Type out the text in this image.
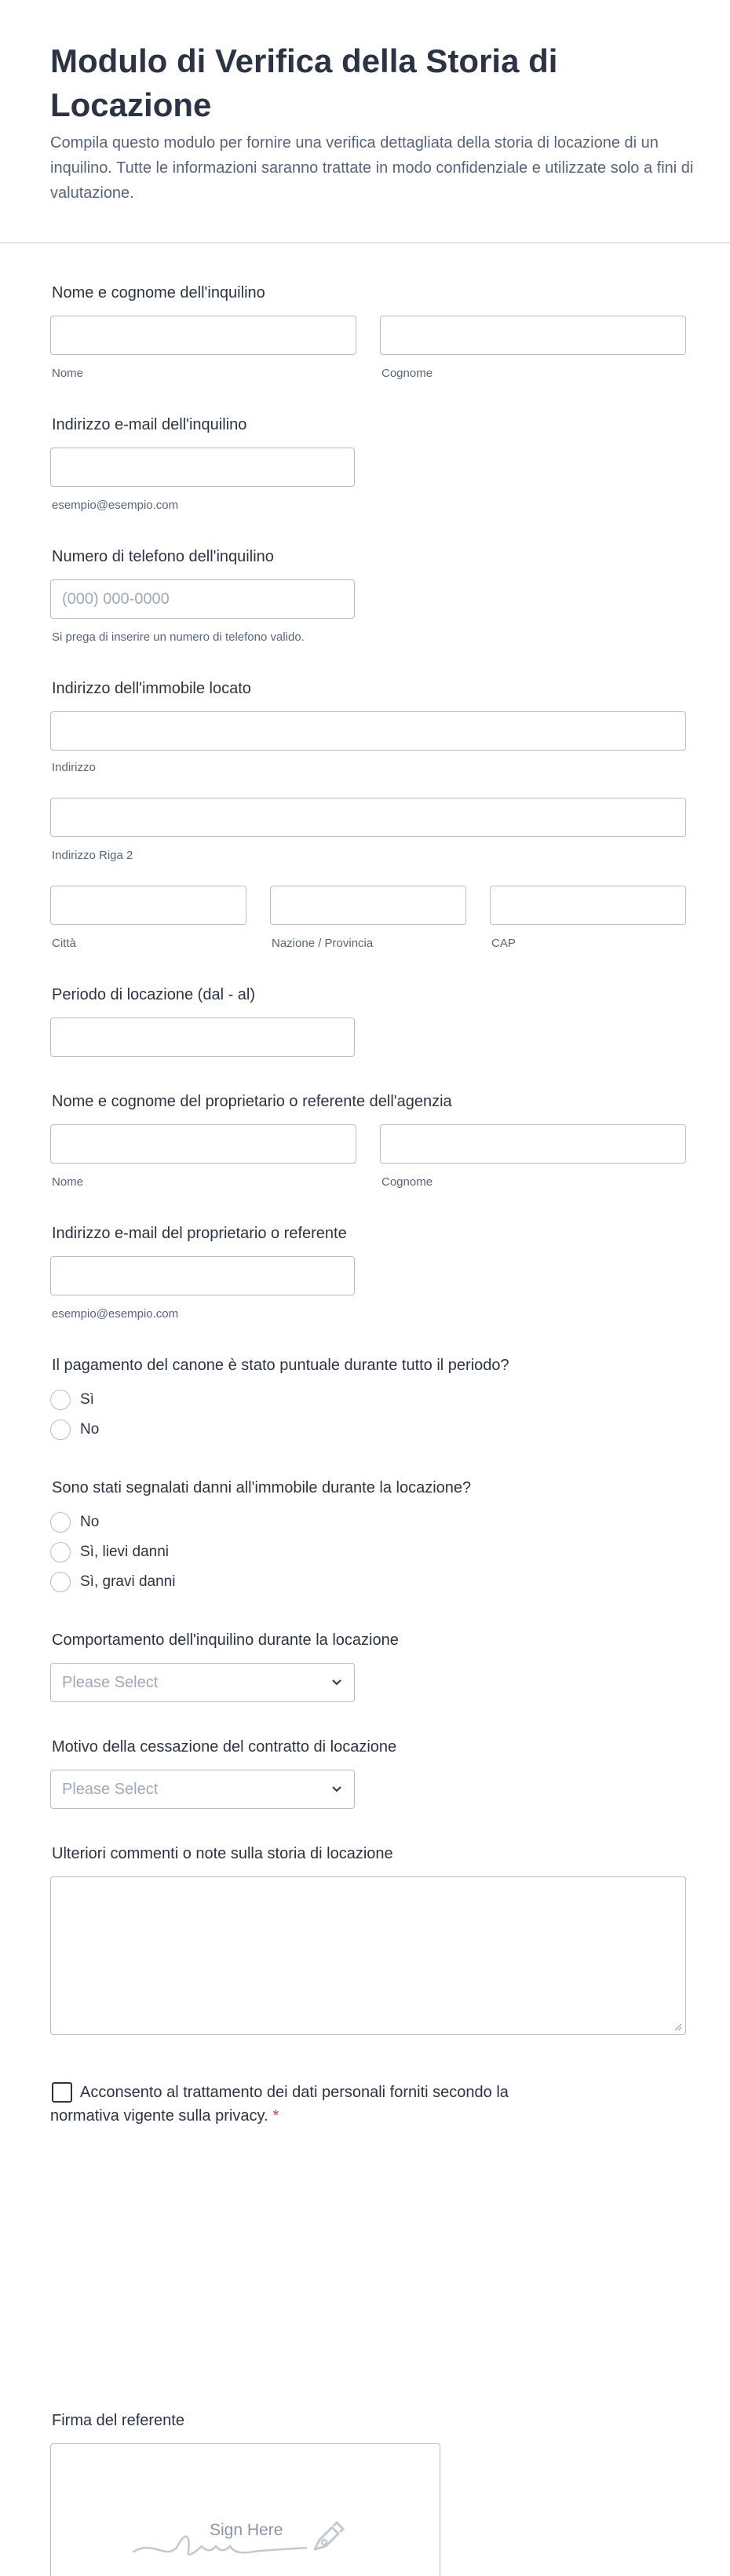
Modulo di Verifica della Storia di Locazione

Compila questo modulo per fornire una verifica dettagliata della storia di locazione di un inquilino. Tutte le informazioni saranno trattate in modo confidenziale e utilizzate solo a fini di valutazione.

Nome e cognome dell'inquilino
Nome	Cognome
Indirizzo e-mail dell'inquilino
esempio@esempio.com
Numero di telefono dell'inquilino
(000) 000-0000
Si prega di inserire un numero di telefono valido.
Indirizzo dell'immobile locato
Indirizzo
Indirizzo Riga 2
Città	Nazione / Provincia	CAP
Periodo di locazione (dal - al)
Nome e cognome del proprietario o referente dell'agenzia
Nome	Cognome
Indirizzo e-mail del proprietario o referente
esempio@esempio.com
Il pagamento del canone è stato puntuale durante tutto il periodo?
Sì
No
Sono stati segnalati danni all'immobile durante la locazione?
No
Sì, lievi danni
Sì, gravi danni
Comportamento dell'inquilino durante la locazione
Please Select
Motivo della cessazione del contratto di locazione
Please Select
Ulteriori commenti o note sulla storia di locazione
Acconsento al trattamento dei dati personali forniti secondo la normativa vigente sulla privacy. *
Firma del referente
Sign Here
